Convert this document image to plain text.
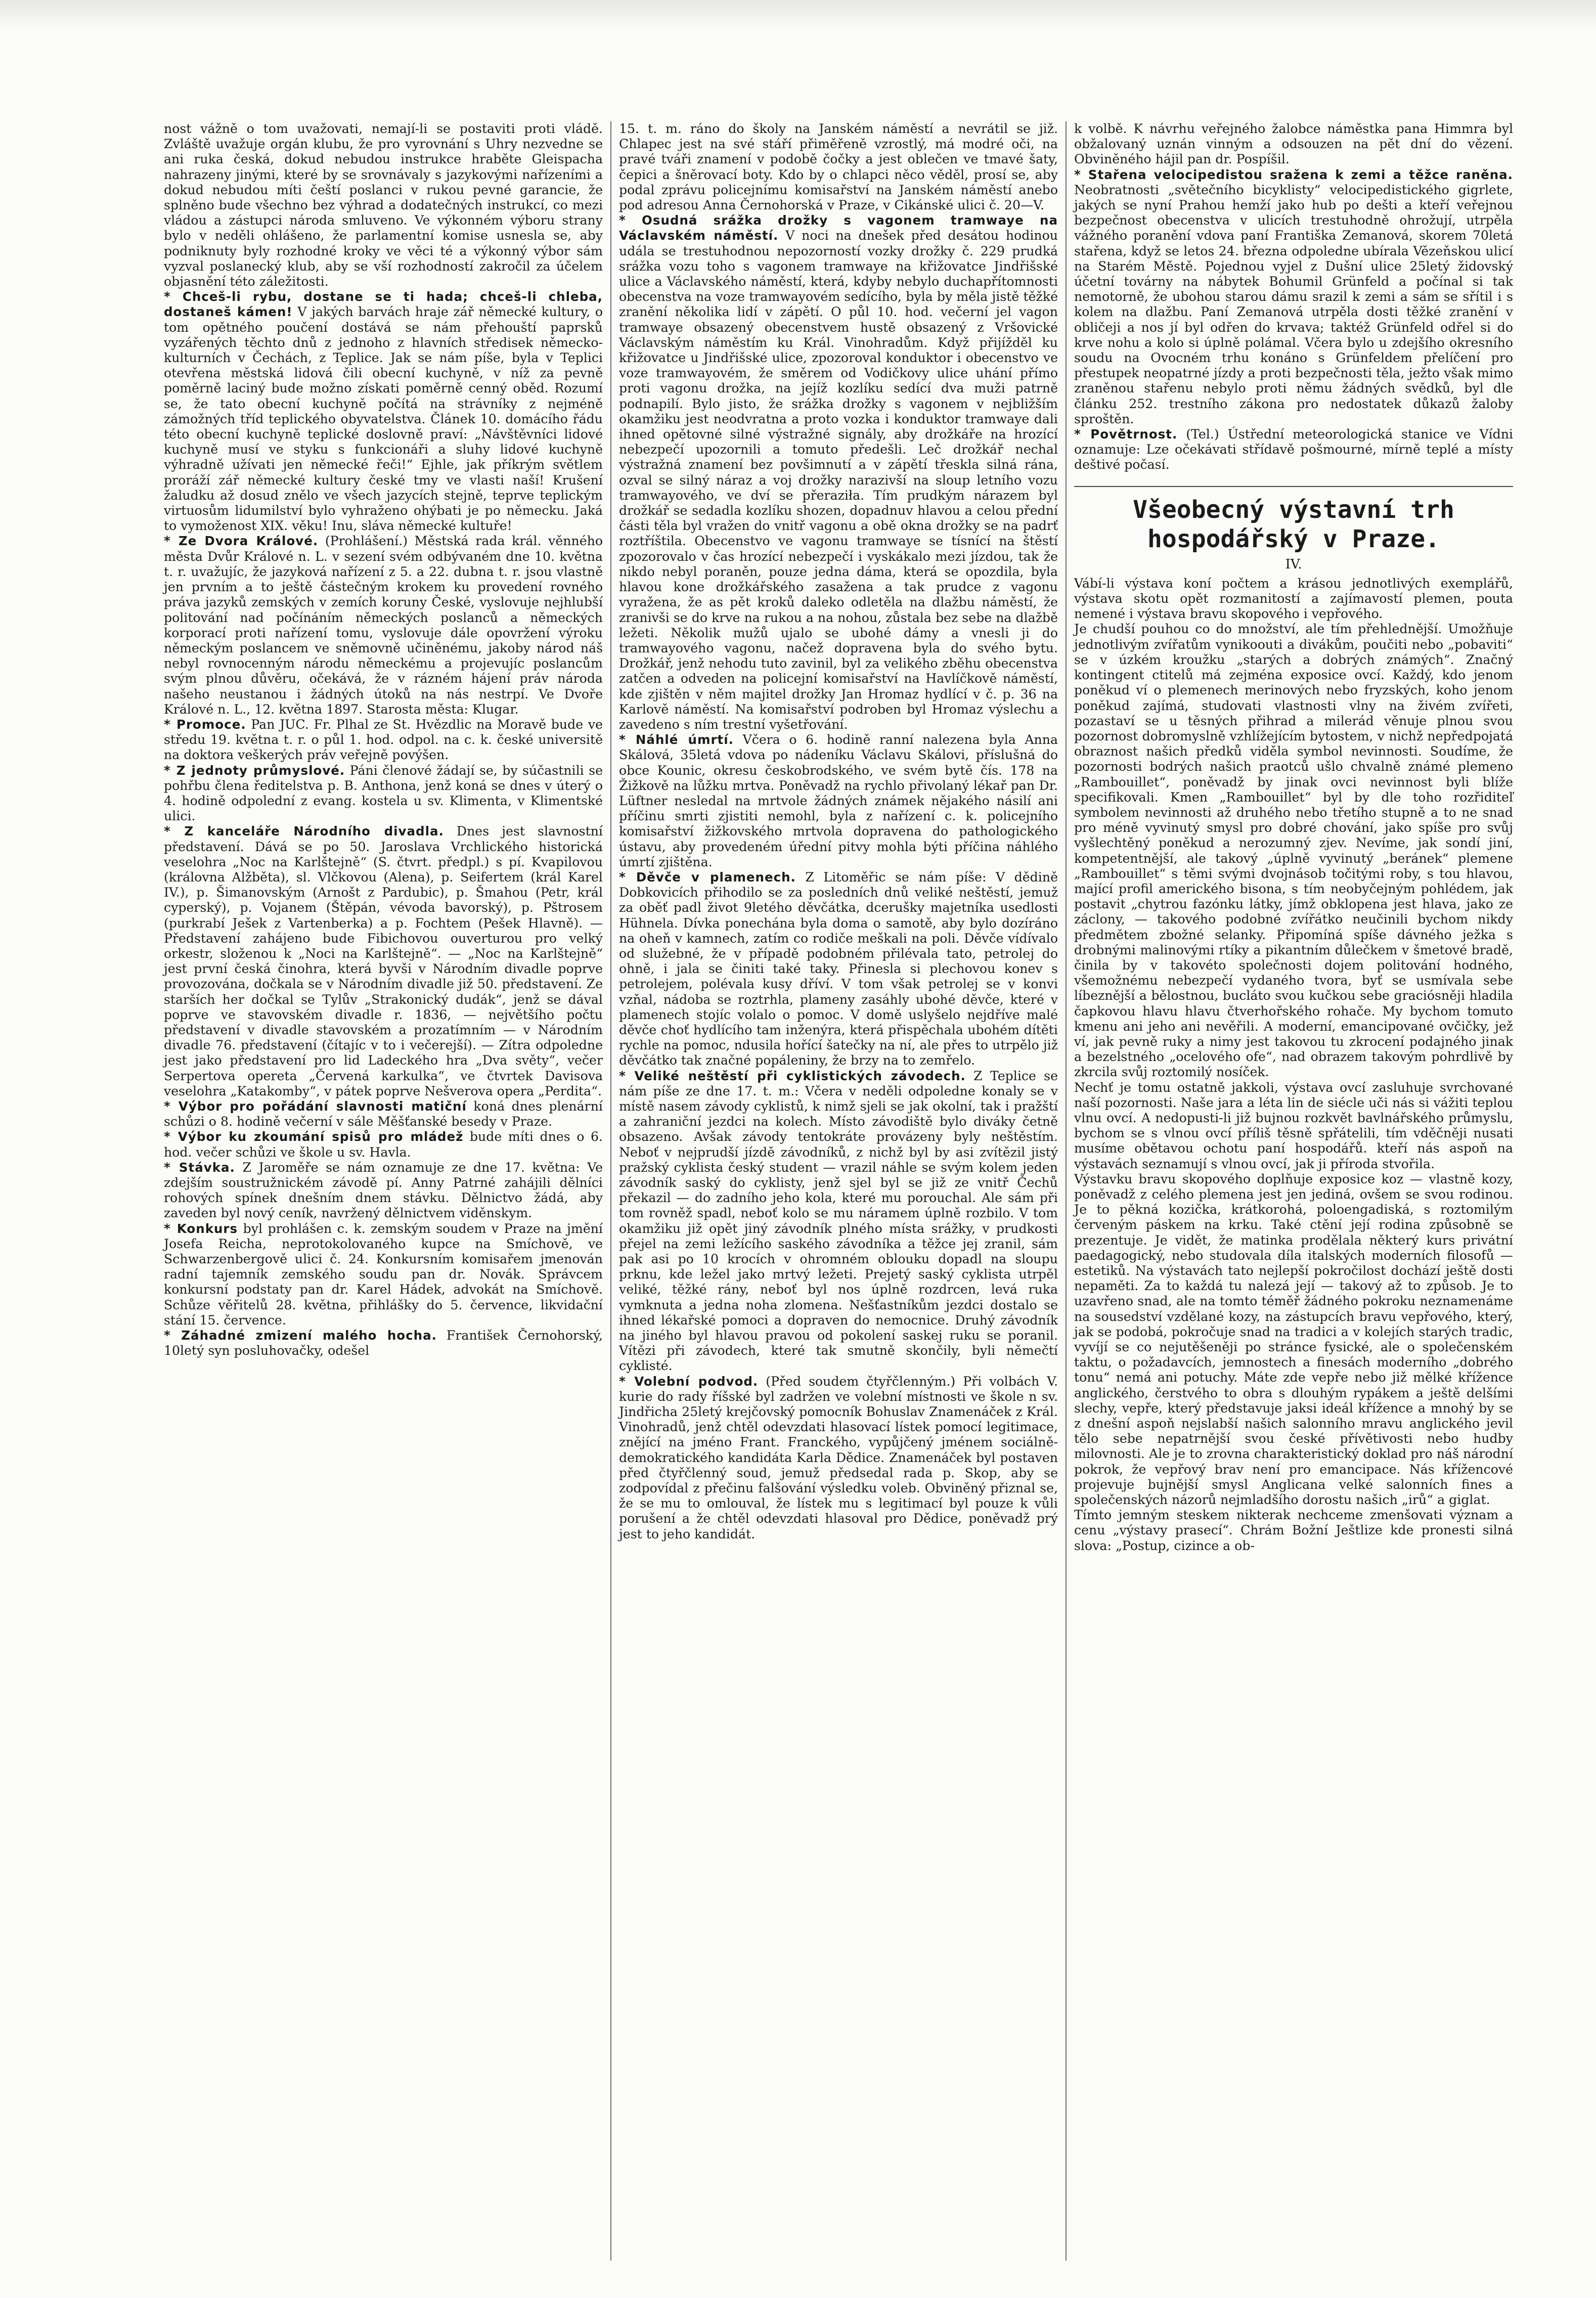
nost vážně o tom uvažovati, nemají-li se postaviti proti vládě. Zvláště uvažuje orgán klubu, že pro vyrovnání s Uhry nezvedne se ani ruka česká, dokud nebudou instrukce hraběte Gleispacha nahrazeny jinými, které by se srovnávaly s jazykovými nařízeními a dokud nebudou míti čeští poslanci v rukou pevné garancie, že splněno bude všechno bez výhrad a dodatečných instrukcí, co mezi vládou a zástupci národa smluveno. Ve výkonném výboru strany bylo v neděli ohlášeno, že parlamentní komise usnesla se, aby podniknuty byly rozhodné kroky ve věci té a výkonný výbor sám vyzval poslanecký klub, aby se vší rozhodností zakročil za účelem objasnění této záležitosti.

* Chceš-li rybu, dostane se ti hada; chceš-li chleba, dostaneš kámen! V jakých barvách hraje zář německé kultury, o tom opětného poučení dostává se nám přehouští paprsků vyzářených těchto dnů z jednoho z hlavních středisek německo-kulturních v Čechách, z Teplice. Jak se nám píše, byla v Teplici otevřena městská lidová čili obecní kuchyně, v níž za pevně poměrně laciný bude možno získati poměrně cenný oběd. Rozumí se, že tato obecní kuchyně počítá na strávníky z nejméně zámožných tříd teplického obyvatelstva. Článek 10. domácího řádu této obecní kuchyně teplické doslovně praví: „Návštěvníci lidové kuchyně musí ve styku s funkcionáři a sluhy lidové kuchyně výhradně užívati jen německé řeči!“ Ejhle, jak příkrým světlem proráží zář německé kultury české tmy ve vlasti naší! Krušení žaludku až dosud znělo ve všech jazycích stejně, teprve teplickým virtuosům lidumilství bylo vyhraženo ohýbati je po německu. Jaká to vymoženost XIX. věku! Inu, sláva německé kultuře!

* Ze Dvora Králové. (Prohlášení.) Městská rada král. věnného města Dvůr Králové n. L. v sezení svém odbývaném dne 10. května t. r. uvažujíc, že jazyková nařízení z 5. a 22. dubna t. r. jsou vlastně jen prvním a to ještě částečným krokem ku provedení rovného práva jazyků zemských v zemích koruny České, vyslovuje nejhlubší politování nad počínáním německých poslanců a německých korporací proti nařízení tomu, vyslovuje dále opovržení výroku německým poslancem ve sněmovně učiněnému, jakoby národ náš nebyl rovnocenným národu německému a projevujíc poslancům svým plnou důvěru, očekává, že v rázném hájení práv národa našeho neustanou i žádných útoků na nás nestrpí. Ve Dvoře Králové n. L., 12. května 1897. Starosta města: Klugar.

* Promoce. Pan JUC. Fr. Plhal ze St. Hvězdlic na Moravě bude ve středu 19. května t. r. o půl 1. hod. odpol. na c. k. české universitě na doktora veškerých práv veřejně povýšen.

* Z jednoty průmyslové. Páni členové žádají se, by súčastnili se pohřbu člena ředitelstva p. B. Anthona, jenž koná se dnes v úterý o 4. hodině odpolední z evang. kostela u sv. Klimenta, v Klimentské ulici.

* Z kanceláře Národního divadla. Dnes jest slavnostní představení. Dává se po 50. Jaroslava Vrchlického historická veselohra „Noc na Karlštejně“ (S. čtvrt. předpl.) s pí. Kvapilovou (královna Alžběta), sl. Vlčkovou (Alena), p. Seifertem (král Karel IV.), p. Šimanovským (Arnošt z Pardubic), p. Šmahou (Petr, král cyperský), p. Vojanem (Štěpán, vévoda bavorský), p. Pštrosem (purkrabí Ješek z Vartenberka) a p. Fochtem (Pešek Hlavně). — Představení zahájeno bude Fibichovou ouverturou pro velký orkestr, složenou k „Noci na Karlštejně“. — „Noc na Karlštejně“ jest první česká činohra, která byvši v Národním divadle poprve provozována, dočkala se v Národním divadle již 50. představení. Ze starších her dočkal se Tylův „Strakonický dudák“, jenž se dával poprve ve stavovském divadle r. 1836, — největšího počtu představení v divadle stavovském a prozatímním — v Národním divadle 76. představení (čítajíc v to i večerejší). — Zítra odpoledne jest jako představení pro lid Ladeckého hra „Dva světy“, večer Serpertova operetа „Červená karkulka“, ve čtvrtek Davisova veselohra „Katakomby“, v pátek poprve Nešverova opera „Perdita“.

* Výbor pro pořádání slavnosti matiční koná dnes plenární schůzi o 8. hodině večerní v sále Měšťanské besedy v Praze.

* Výbor ku zkoumání spisů pro mládež bude míti dnes o 6. hod. večer schůzi ve škole u sv. Havla.

* Stávka. Z Jaroměře se nám oznamuje ze dne 17. května: Ve zdejším soustružnickém závodě pí. Anny Patrné zahájili dělníci rohových spínek dnešním dnem stávku. Dělnictvo žádá, aby zaveden byl nový ceník, navržený dělnictvem viděnskym.

* Konkurs byl prohlášen c. k. zemským soudem v Praze na jmění Josefa Reicha, neprotokolovaného kupce na Smíchově, ve Schwarzenbergově ulici č. 24. Konkursním komisařem jmenován radní tajemník zemského soudu pan dr. Novák. Správcem konkursní podstaty pan dr. Karel Hádek, advokát na Smíchově. Schůze věřitelů 28. května, přihlášky do 5. července, likvidační stání 15. července.

* Záhadné zmizení malého hocha. František Černohorský, 10letý syn posluhovačky, odešel

15. t. m. ráno do školy na Janském náměstí a nevrátil se již. Chlapec jest na své stáří přiměřeně vzrostlý, má modré oči, na pravé tváři znamení v podobě čočky a jest oblečen ve tmavé šaty, čepici a šněrovací boty. Kdo by o chlapci něco věděl, prosí se, aby podal zprávu policejnímu komisařství na Janském náměstí anebo pod adresou Anna Černohorská v Praze, v Cikánské ulici č. 20—V.

* Osudná srážka drožky s vagonem tramwaye na Václavském náměstí. V noci na dnešek před desátou hodinou udála se trestuhodnou nepozorností vozky drožky č. 229 prudká srážka vozu toho s vagonem tramwaye na křižovatce Jindřišské ulice a Václavského náměstí, která, kdyby nebylo duchapřítomnosti obecenstva na voze tramwayovém sedícího, byla by měla jistě těžké zranění několika lidí v zápětí. O půl 10. hod. večerní jel vagon tramwaye obsazený obecenstvem hustě obsazený z Vršovické Václavským náměstím ku Král. Vinohradům. Když přijížděl ku křižovatce u Jindřišské ulice, zpozoroval konduktor i obecenstvo ve voze tramwayovém, že směrem od Vodičkovy ulice uhání přímo proti vagonu drožka, na jejíž kozlíku sedící dva muži patrně podnapilí. Bylo jisto, že srážka drožky s vagonem v nejbližším okamžiku jest neodvratna a proto vozka i konduktor tramwaye dali ihned opětovné silné výstražné signály, aby drožkáře na hrozící nebezpečí upozornili a tomuto předešli. Leč drožkář nechal výstražná znamení bez povšimnutí a v zápětí třeskla silná rána, ozval se silný nárаz a voj drožky narazivší na sloup letního vozu tramwayového, ve dví se přeraziła. Tím prudkým nárazem byl drožkář se sedadla kozlíku shozen, dopadnuv hlavou a celou přední části těla byl vražen do vnitř vagonu a obě okna drožky se na padrť roztříštila. Obecenstvo ve vagonu tramwaye se tísnící na štěstí zpozorovalo v čas hrozící nebezpečí i vyskákalo mezi jízdou, tak že nikdo nebyl poraněn, pouze jedna dáma, která se opozdila, byla hlavou kone drožkářského zasažena a tak prudce z vagonu vyražena, že as pět kroků daleko odletěla na dlažbu náměstí, že zranivši se do krve na rukou a na nohou, zůstala bez sebe na dlažbě ležeti. Několik mužů ujalo se ubohé dámy a vnesli ji do tramwayového vagonu, načež dopravena byla do svého bytu. Drožkář, jenž nehodu tuto zavinil, byl za velikého zběhu obecenstva zatčen a odveden na policejní komisařství na Havlíčkově náměstí, kde zjištěn v něm majitel drožky Jan Hromaz hydlící v č. p. 36 na Karlově náměstí. Na komisařství podroben byl Hromaz výslechu a zavedeno s ním trestní vyšetřování.

* Náhlé úmrtí. Včera o 6. hodině ranní nalezena byla Anna Skálová, 35letá vdova po nádeníku Václavu Skálovi, příslušná do obce Kounic, okresu českobrodského, ve svém bytě čís. 178 na Žižkově na lůžku mrtva. Poněvadž na rychlo přivolaný lékař pan Dr. Lüftner nesledal na mrtvole žádných známek nějakého násilí ani příčinu smrti zjistiti nemohl, byla z nařízení c. k. policejního komisařství žižkovského mrtvola dopravena do pathologického ústavu, aby provedeném úřední pitvy mohla býti příčina náhlého úmrtí zjištěna.

* Děvče v plamenech. Z Litoměřic se nám píše: V dědině Dobkovicích přihodilo se za posledních dnů veliké neštěstí, jemuž za oběť padl život 9letého děvčátka, dcerušky majetníka usedlosti Hühnela. Dívka ponechána byla doma o samotě, aby bylo dozíráno na oheň v kamnech, zatím co rodiče meškali na poli. Děvče vídívalo od služebné, že v případě podobném přilévala tato, petrolej do ohně, i jala se činiti také taky. Přinesla si plechovou konev s petrolejem, polévala kusy dříví. V tom však petrolej se v konvi vzňal, nádoba se roztrhla, plameny zasáhly ubohé děvče, které v plamenech stojíc volalo o pomoc. V domě uslyšelo nejdříve malé děvče choť hydlícího tam inženýra, která přispěchala ubohém dítěti rychle na pomoc, ndusila hořící šatečky na ní, ale přes to utrpělo již děvčátko tak značné popáleniny, že brzy na to zemřelo.

* Veliké neštěstí při cyklistických závodech. Z Teplice se nám píše ze dne 17. t. m.: Včera v neděli odpoledne konaly se v místě nasem závody cyklistů, k nimž sjeli se jak okolní, tak i pražští a zahraniční jezdci na kolech. Místo závodiště bylo diváky četně obsazeno. Avšak závody tentokráte provázeny byly neštěstím. Neboť v nejprudší jízdě závodníků, z nichž byl by asi zvítězil jistý pražský cyklista český student — vrazil náhle se svým kolem jeden závodník saský do cyklisty, jenž sjel byl se již ze vnitř Čechů překazil — do zadního jeho kola, které mu porouchal. Ale sám při tom rovněž spadl, neboť kolo se mu náramem úplně rozbilo. V tom okamžiku již opět jiný závodník plného místa srážky, v prudkosti přejel na zemi ležícího saského závodníka a těžce jej zranil, sám pak asi po 10 krocích v ohromném oblouku dopadl na sloupu prknu, kde ležel jako mrtvý ležeti. Prejetý saský cyklista utrpěl veliké, těžké rány, neboť byl nos úplně rozdrcen, levá ruka vymknuta a jedna noha zlomena. Nešťastníkům jezdci dostalo se ihned lékařské pomoci a dopraven do nemocnice. Druhý závodník na jiného byl hlavou pravou od pokolení saskej ruku se poranil. Vítězi při závodech, které tak smutně skončily, byli němečtí cyklisté.

* Volební podvod. (Před soudem čtyřčlenným.) Při volbách V. kurie do rady říšské byl zadržen ve volební místnosti ve škole n sv. Jindřicha 25letý krejčovský pomocník Bohuslav Znamenáček z Král. Vinohradů, jenž chtěl odevzdati hlasovací lístek pomocí legitimace, znějící na jméno Frant. Franckého, vypůjčený jménem sociálně-demokratického kandidáta Karla Dědice. Znamenáček byl postaven před čtyřčlenný soud, jemuž předsedal rada p. Skop, aby se zodpovídal z přečinu falšování výsledku voleb. Obviněný přiznal se, že se mu to omlouval, že lístek mu s legitimací byl pouze k vůli porušení a že chtěl odevzdati hlasoval pro Dědice, poněvadž prý jest to jeho kandidát.

k volbě. K návrhu veřejného žalobce náměstka pana Himmra byl obžalovaný uznán vinným a odsouzen na pět dní do vězení. Obviněného hájil pan dr. Pospíšil.

* Stařena velocipedistou sražena k zemi a těžce raněna. Neobratnosti „světečního bicyklisty“ velocipedistického gigrlete, jakých se nyní Prahou hemží jako hub po dešti a kteří veřejnou bezpečnost obecenstva v ulicích trestuhodně ohrožují, utrpěla vážného poranění vdova paní Františka Zemanová, skorem 70letá stařena, když se letos 24. března odpoledne ubírala Vězeňskou ulicí na Starém Městě. Pojednou vyjel z Dušní ulice 25letý židovský účetní továrny na nábytek Bohumil Grünfeld a počínal si tak nemotorně, že ubohou starou dámu srazil k zemi a sám se sřítil i s kolem na dlažbu. Paní Zemanová utrpěla dosti těžké zranění v obličeji a nos jí byl odřen do krvava; taktéž Grünfeld odřel si do krve nohu a kolo si úplně polámal. Včera bylo u zdejšího okresního soudu na Ovocném trhu konáno s Grünfeldem přelíčení pro přestupek neopatrné jízdy a proti bezpečnosti těla, ježto však mimo zraněnou stařenu nebylo proti němu žádných svědků, byl dle článku 252. trestního zákona pro nedostatek důkazů žaloby sproštěn.

* Povětrnost. (Tel.) Ústřední meteorologická stanice ve Vídni oznamuje: Lze očekávati střídavě pošmourné, mírně teplé a místy deštivé počasí.

Všeobecný výstavní trh hospodářský v Praze.
IV.

Vábí-li výstava koní počtem a krásou jednotlivých exemplářů, výstava skotu opět rozmanitostí a zajímavostí plemen, pouta nemené i výstava bravu skopového i vepřového.

Je chudší pouhou co do množství, ale tím přehlednější. Umožňuje jednotlivým zvířatům vynikoouti a divákům, poučiti nebo „pobaviti“ se v úzkém kroužku „starých a dobrých známých“. Značný kontingent ctitelů má zejména exposice ovcí. Každý, kdo jenom poněkud ví o plemenech merinových nebo fryzských, koho jenom poněkud zajímá, studovati vlastnosti vlny na živém zvířeti, pozastaví se u těsných přihrad a milerád věnuje plnou svou pozornost dobromyslně vzhlížejícím bytostem, v nichž nepředpojatá obraznost našich předků viděla symbol nevinnosti. Soudíme, že pozornosti bodrých našich praotců ušlo chvalně známé plemeno „Rambouillet“, poněvadž by jinak ovci nevinnost byli blíže specifikovali. Kmen „Rambouillet“ byl by dle toho rozřiditeľ symbolem nevinnosti až druhého nebo třetího stupně a to ne snad pro méně vyvinutý smysl pro dobré chování, jako spíše pro svůj vyšlechtěný poněkud a nerozumný zjev. Nevíme, jak sondí jiní, kompetentnější, ale takový „úplně vyvinutý „beránek“ plemene „Rambouillet“ s těmi svými dvojnásob točitými roby, s tou hlavou, mající profil amerického bisona, s tím neobyčejným pohlédem, jak postavit „chytrou fazónku látky, jímž obklopena jest hlava, jako ze záclony, — takového podobné zvířátko neučinili bychom nikdy předmětem zbožné selanky. Připomíná spíše dávného ježka s drobnými malinovými rtíky a pikantním důlečkem v šmetové bradě, činila by v takovéto společnosti dojem politování hodného, všemožnému nebezpečí vydaného tvora, byť se usmívala sebe líbeznější a bělostnou, bucláto svou kučkou sebe graciósněji hladila čapkovou hlavu hlavu čtverhořského rohače. My bychom tomuto kmenu ani jeho ani nevěřili. A moderní, emancipované ovčičky, jež ví, jak pevně ruky a nimy jest takovou tu zkrocení podajného jinak a bezelstného „ocelového ofe“, nad obrazem takovým pohrdlivě by zkrcila svůj roztomilý nosíček.

Nechť je tomu ostatně jakkoli, výstava ovcí zasluhuje svrchované naší pozornosti. Naše jara a léta lin de siécle uči nás si vážiti teplou vlnu ovcí. A nedopusti-li již bujnou rozkvět bavlnářského průmyslu, bychom se s vlnou ovcí příliš těsně spřátelili, tím vděčněji nusati musíme obětavou ochotu paní hospodářů. kteří nás aspoň na výstavách seznamují s vlnou ovcí, jak ji příroda stvořila.

Výstavku bravu skopového doplňuje exposice koz — vlastně kozy, poněvadž z celého plemena jest jen jediná, ovšem se svou rodinou. Je to pěkná kozička, krátkorohá, poloengadiská, s roztomilým červeným páskem na krku. Také ctění její rodina způsobně se prezentuje. Je vidět, že matinka prodělala některý kurs privátní paedagogický, nebo studovala díla italských moderních filosofů — estetiků. Na výstavách tato nejlepší pokročilost dochází ještě dosti nepaměti. Za to každá tu nalezá její — takový až to způsob. Je to uzavřeno snad, ale na tomto téměř žádného pokroku neznamenáme na sousedství vzdělané kozy, na zástupcích bravu vepřového, který, jak se podobá, pokročuje snad na tradici a v kolejích starých tradic, vyvíjí se co nejutěšeněji po stránce fysické, ale o společenském taktu, o požadavcích, jemnostech a finesách moderního „dobrého tonu“ nemá ani potuchy. Máte zde vepře nebo již mělké křížence anglického, čerstvého to obra s dlouhým rypákem a ještě delšími slechy, vepře, který představuje jaksi ideál křížence a mnohý by se z dnešní aspoň nejslabší našich salonního mravu anglického jevil tělo sebe nepatrnější svou české přívětivosti nebo hudby milovnosti. Ale je to zrovna charakteristický doklad pro náš národní pokrok, že vepřový brav není pro emancipace. Nás křížencové projevuje bujnější smysl Anglicana velké salonních fines a společenských názorů nejmladšího dorostu našich „irů“ a giglat.

Tímto jemným steskem nikterak nechceme zmenšovati význam a cenu „výstavy prasecí“. Chrám Božní Ještlize kde pronesti silná slova: „Postup, cizince a ob-
